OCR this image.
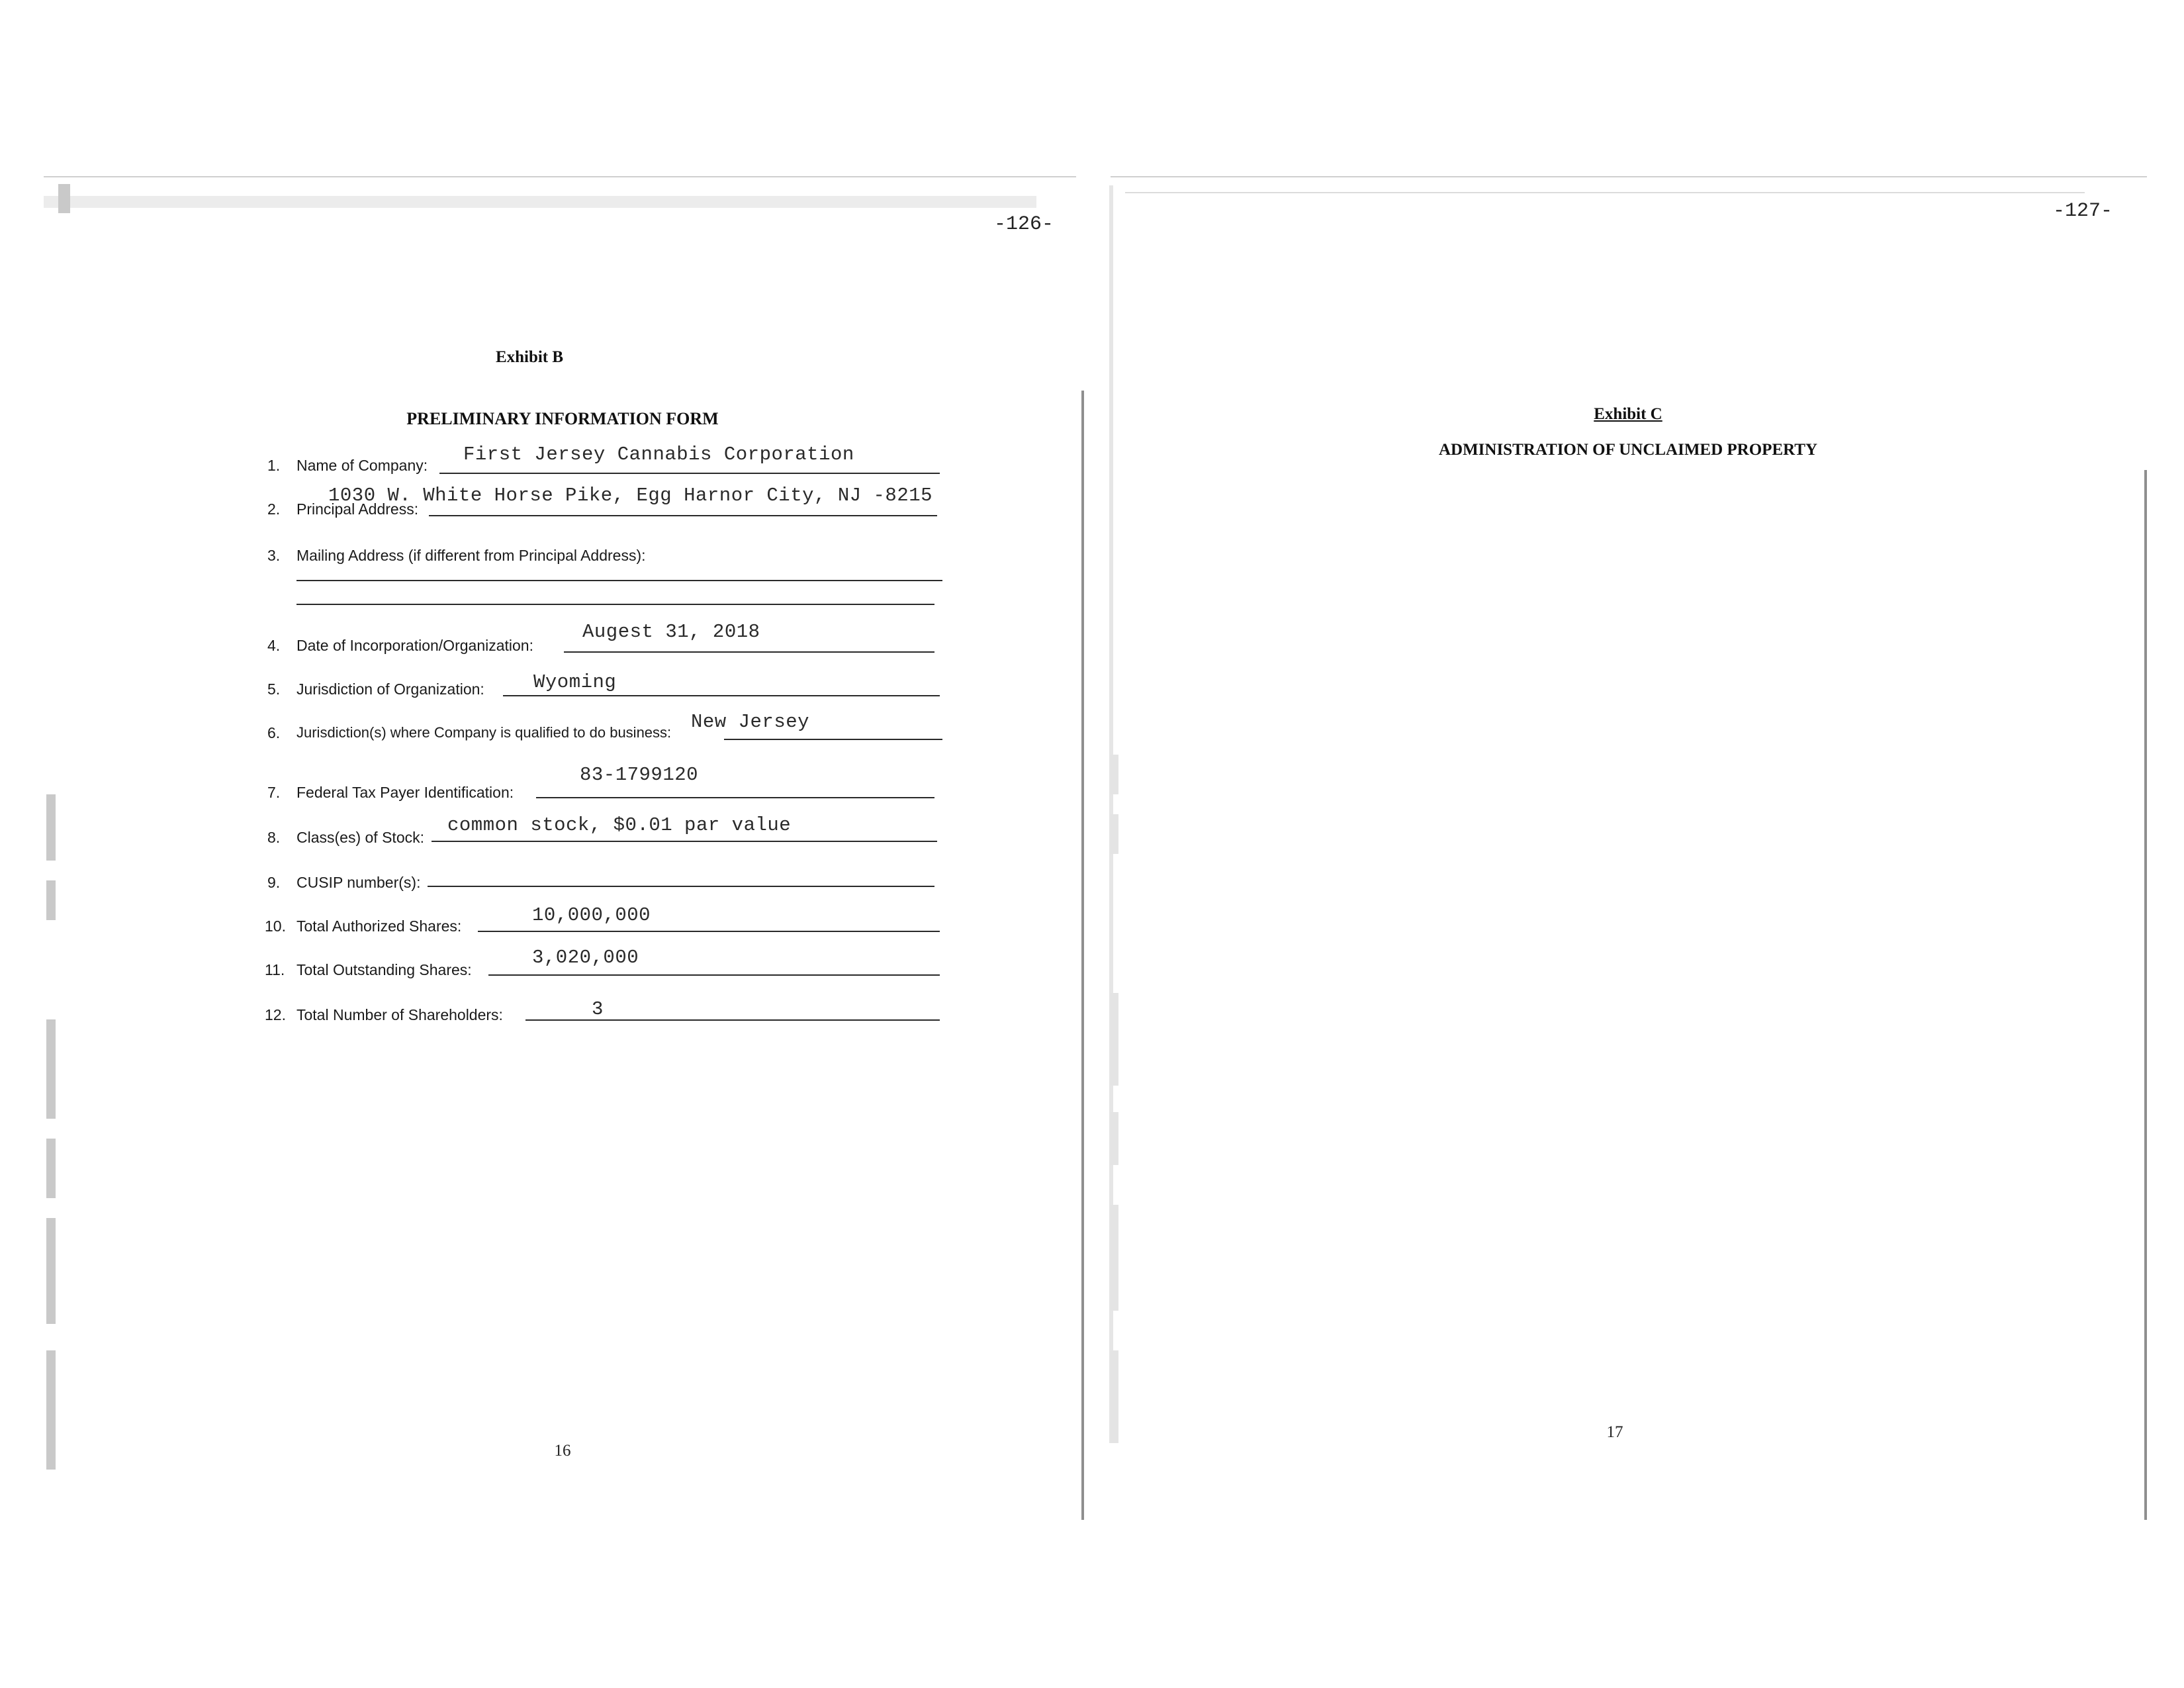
-126-
Exhibit B
PRELIMINARY INFORMATION FORM
1. Name of Company: First Jersey Cannabis Corporation
2. Principal Address:
1030 W. White Horse Pike, Egg Harnor City, NJ -8215
3. Mailing Address (if different from Principal Address):
4. Date of Incorporation/Organization:
Augest 31, 2018
5. Jurisdiction of Organization:	Wyoming
6. Jurisdiction(s) where Company is qualified to do business: New Jersey
7. Federal Tax Payer Identification:
83-1799120
8. Class(es) of Stock:
common stock, $0.01 par value
9. CUSIP number(s):
10. Total Authorized Shares:	10,000,000
11. Total Outstanding Shares:
3,020,000
12. Total Number of Shareholders:	3
16
-127-
Exhibit C
ADMINISTRATION OF UNCLAIMED PROPERTY
17
